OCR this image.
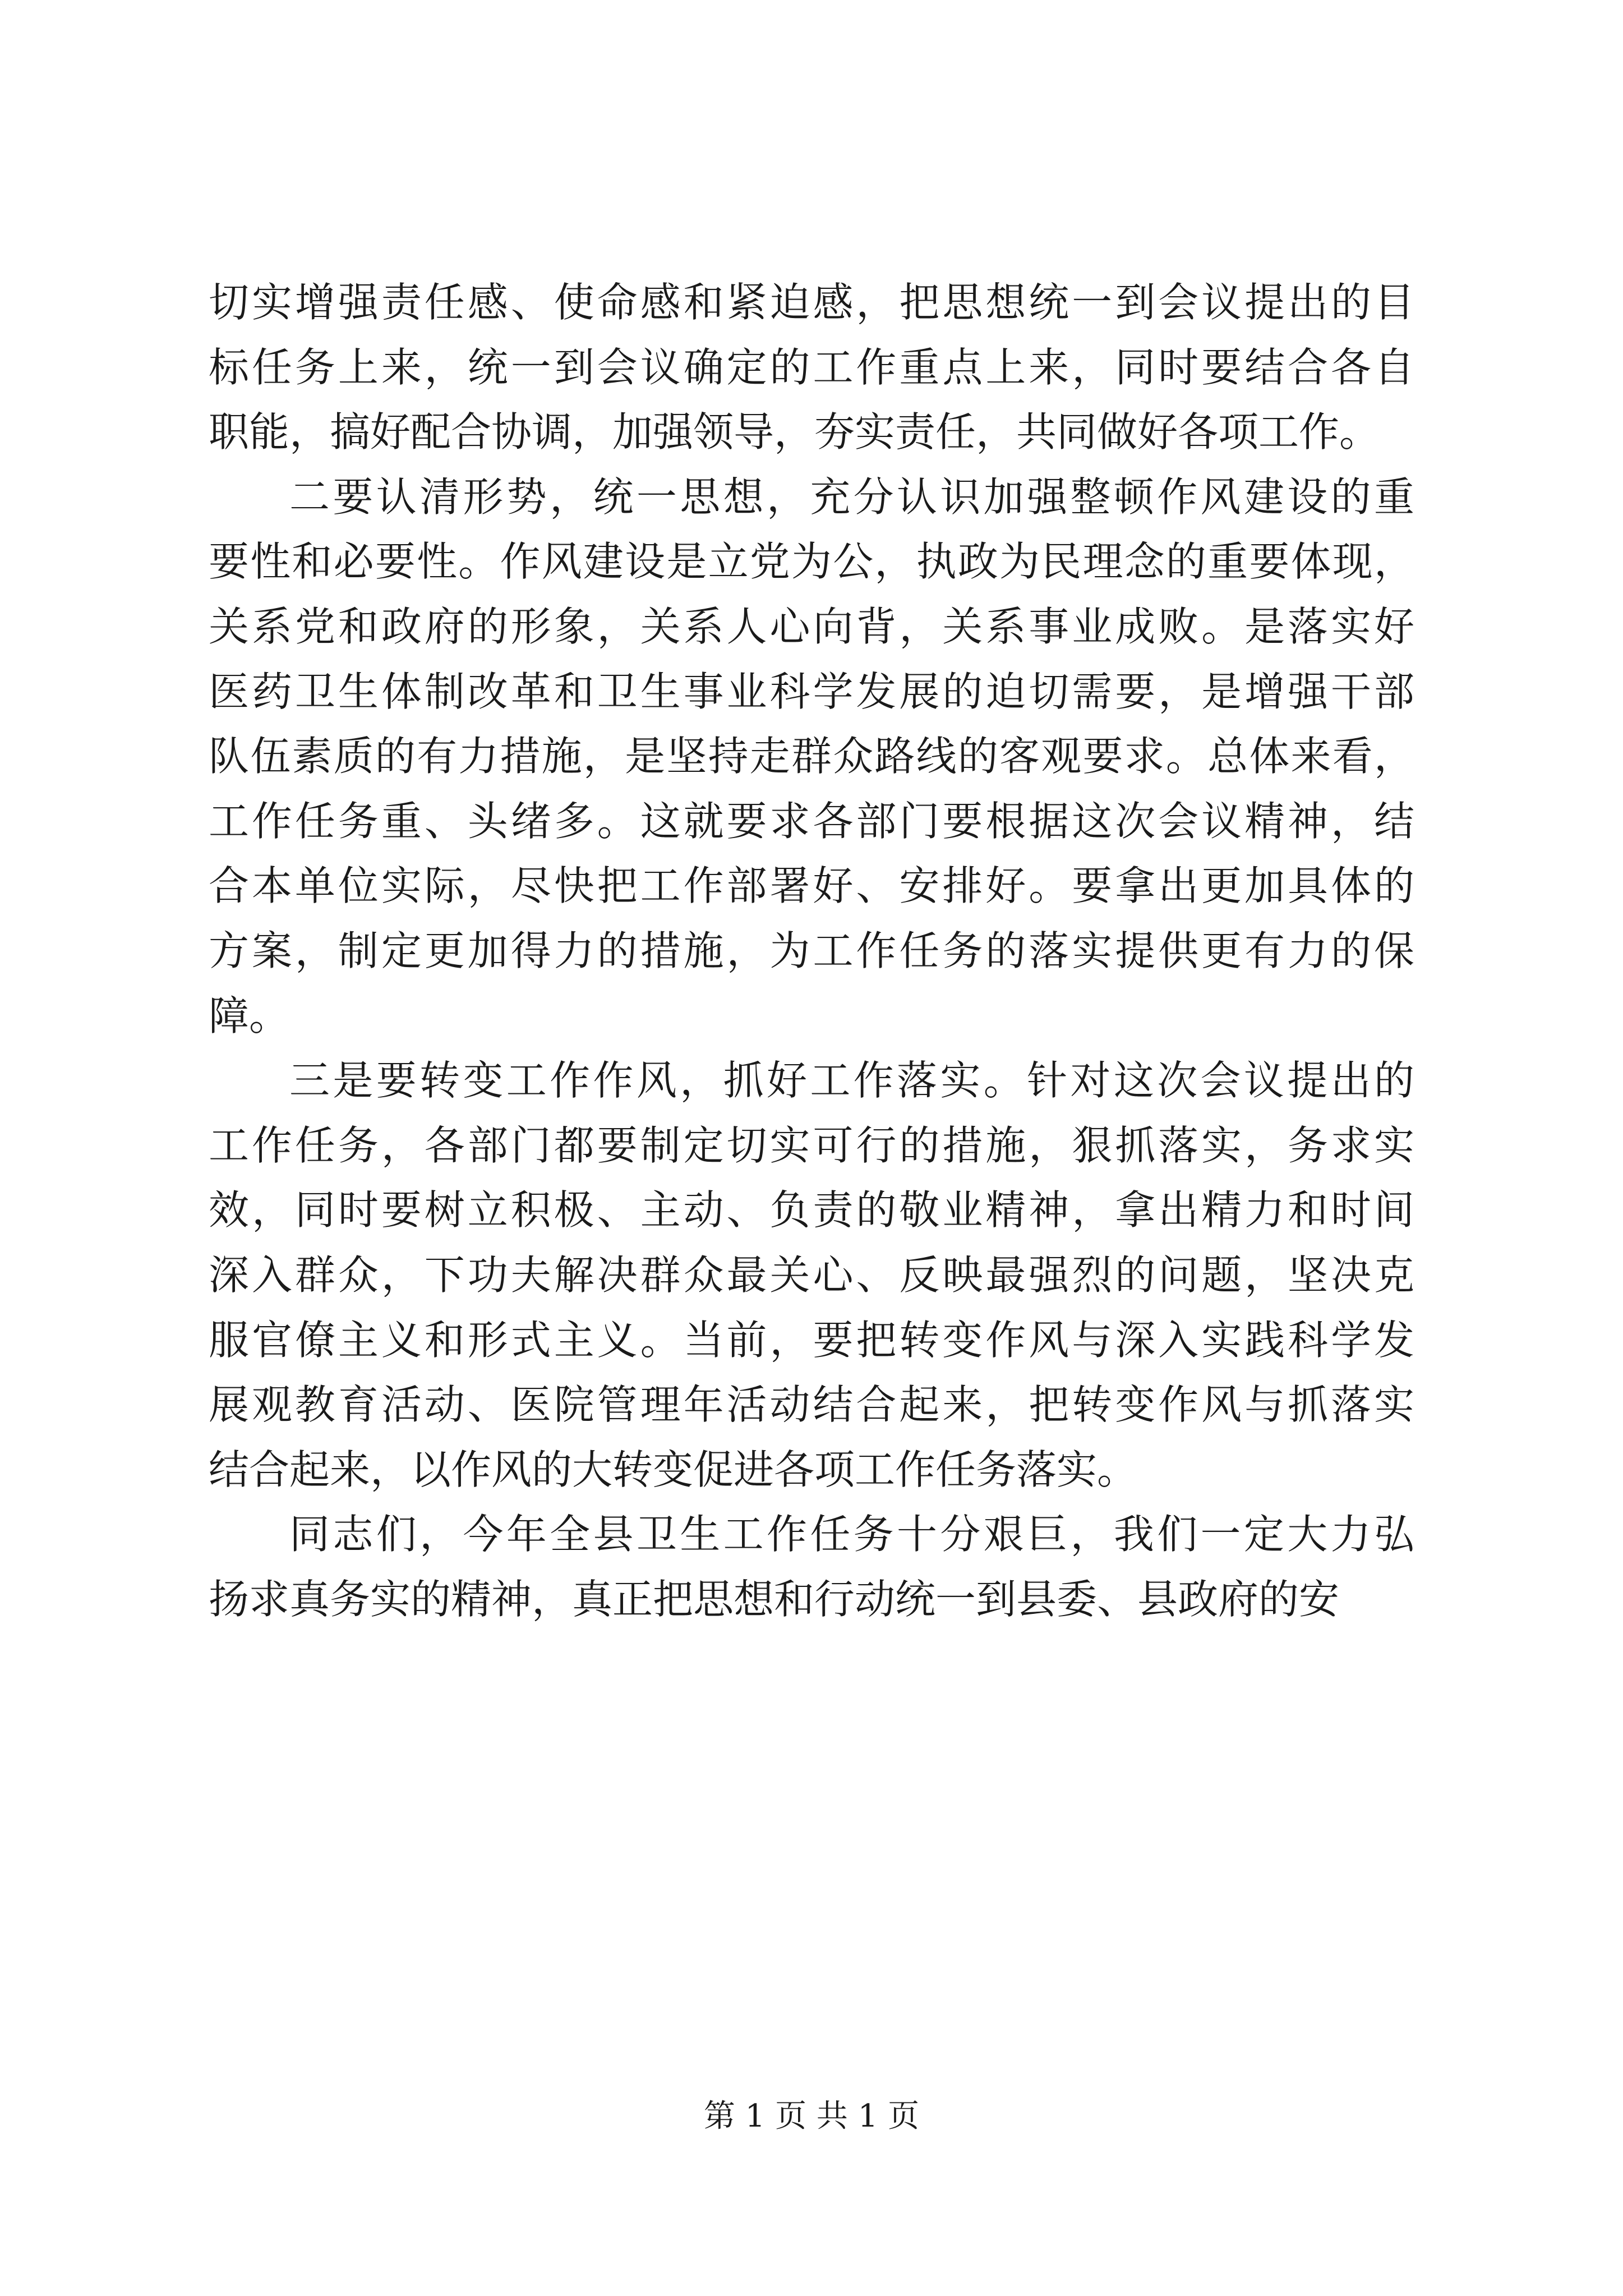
切实增强责任感、使命感和紧迫感，把思想统一到会议提出的目
标任务上来，统一到会议确定的工作重点上来，同时要结合各自
职能，搞好配合协调，加强领导，夯实责任，共同做好各项工作。
二要认清形势，统一思想，充分认识加强整顿作风建设的重
要性和必要性。作风建设是立党为公，执政为民理念的重要体现，
关系党和政府的形象，关系人心向背，关系事业成败。是落实好
医药卫生体制改革和卫生事业科学发展的迫切需要，是增强干部
队伍素质的有力措施，是坚持走群众路线的客观要求。总体来看，
工作任务重、头绪多。这就要求各部门要根据这次会议精神，结
合本单位实际，尽快把工作部署好、安排好。要拿出更加具体的
方案，制定更加得力的措施，为工作任务的落实提供更有力的保
障。
三是要转变工作作风，抓好工作落实。针对这次会议提出的
工作任务，各部门都要制定切实可行的措施，狠抓落实，务求实
效，同时要树立积极、主动、负责的敬业精神，拿出精力和时间
深入群众，下功夫解决群众最关心、反映最强烈的问题，坚决克
服官僚主义和形式主义。当前，要把转变作风与深入实践科学发
展观教育活动、医院管理年活动结合起来，把转变作风与抓落实
结合起来，以作风的大转变促进各项工作任务落实。
同志们，今年全县卫生工作任务十分艰巨，我们一定大力弘
扬求真务实的精神，真正把思想和行动统一到县委、县政府的安
第 1 页 共 1 页
